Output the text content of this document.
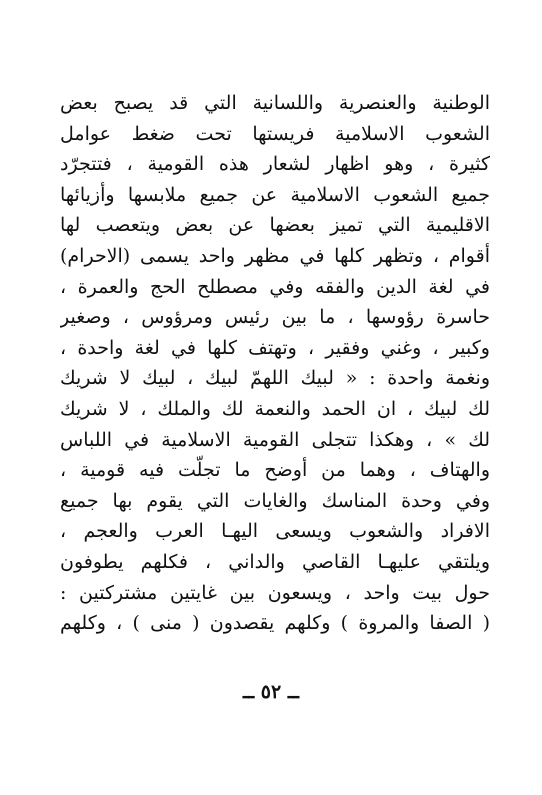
الوطنية والعنصرية واللسانية التي قد يصبح بعض
الشعوب الاسلامية فريستها تحت ضغط عوامل
كثيرة ، وهو اظهار لشعار هذه القومية ، فتتجرّد
جميع الشعوب الاسلامية عن جميع ملابسها وأزيائها
الاقليمية التي تميز بعضها عن بعض ويتعصب لها
أقوام ، وتظهر كلها في مظهر واحد يسمى (الاحرام)
في لغة الدين والفقه وفي مصطلح الحج والعمرة ،
حاسرة رؤوسها ، ما بين رئيس ومرؤوس ، وصغير
وكبير ، وغني وفقير ، وتهتف كلها في لغة واحدة ،
ونغمة واحدة : « لبيك اللهمّ لبيك ، لبيك لا شريك
لك لبيك ، ان الحمد والنعمة لك والملك ، لا شريك
لك » ، وهكذا تتجلى القومية الاسلامية في اللباس
والهتاف ، وهما من أوضح ما تجلّت فيه قومية ،
وفي وحدة المناسك والغايات التي يقوم بها جميع
الافراد والشعوب ويسعى اليهـا العرب والعجم ،
ويلتقي عليهـا القاصي والداني ، فكلهم يطوفون
حول بيت واحد ، ويسعون بين غايتين مشتركتين :
( الصفا والمروة ) وكلهم يقصدون ( منى ) ، وكلهم
ــ ٥٢ ــ
